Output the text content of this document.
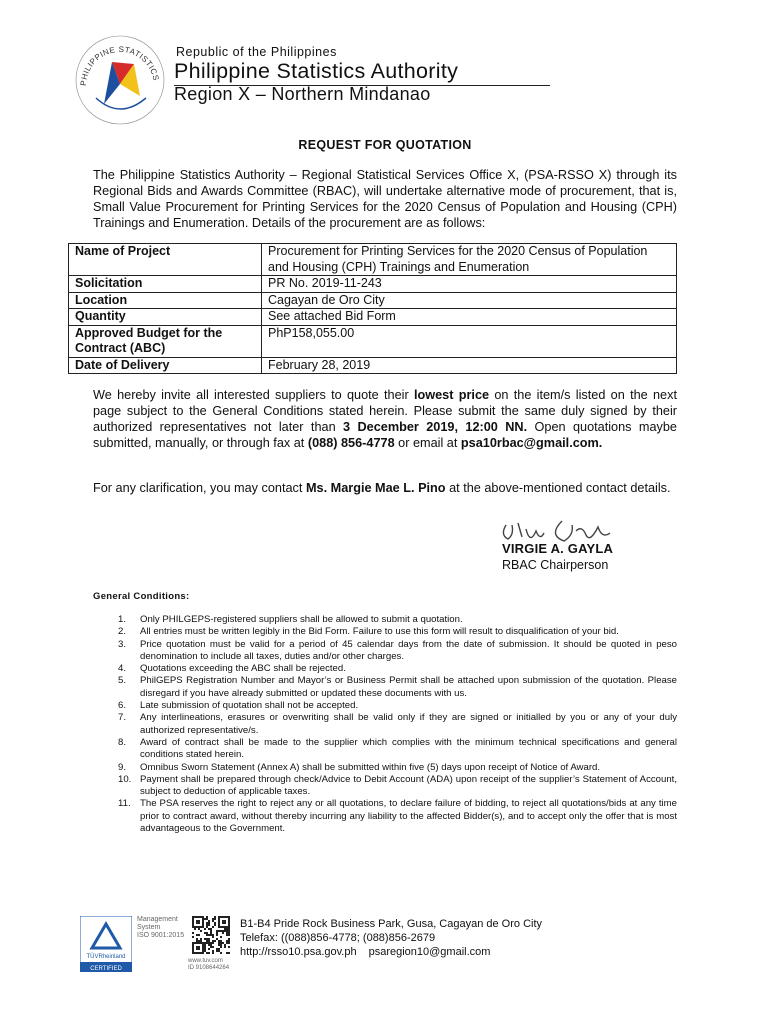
PHILIPPINE STATISTICS
Republic of the Philippines
Philippine Statistics Authority
Region X – Northern Mindanao
REQUEST FOR QUOTATION
The Philippine Statistics Authority – Regional Statistical Services Office X, (PSA-RSSO X) through its Regional Bids and Awards Committee (RBAC), will undertake alternative mode of procurement, that is, Small Value Procurement for Printing Services for the 2020 Census of Population and Housing (CPH) Trainings and Enumeration. Details of the procurement are as follows:
Name of Project	Procurement for Printing Services for the 2020 Census of Population and Housing (CPH) Trainings and Enumeration
Solicitation	PR No. 2019-11-243
Location	Cagayan de Oro City
Quantity	See attached Bid Form
Approved Budget for the Contract (ABC)	PhP158,055.00
Date of Delivery	February 28, 2019
We hereby invite all interested suppliers to quote their lowest price on the item/s listed on the next page subject to the General Conditions stated herein. Please submit the same duly signed by their authorized representatives not later than 3 December 2019, 12:00 NN. Open quotations maybe submitted, manually, or through fax at (088) 856-4778 or email at psa10rbac@gmail.com.
For any clarification, you may contact Ms. Margie Mae L. Pino at the above-mentioned contact details.
VIRGIE A. GAYLA
RBAC Chairperson
General Conditions:
1.	Only PHILGEPS-registered suppliers shall be allowed to submit a quotation.
2.	All entries must be written legibly in the Bid Form. Failure to use this form will result to disqualification of your bid.
3.	Price quotation must be valid for a period of 45 calendar days from the date of submission. It should be quoted in peso denomination to include all taxes, duties and/or other charges.
4.	Quotations exceeding the ABC shall be rejected.
5.	PhilGEPS Registration Number and Mayor’s or Business Permit shall be attached upon submission of the quotation. Please disregard if you have already submitted or updated these documents with us.
6.	Late submission of quotation shall not be accepted.
7.	Any interlineations, erasures or overwriting shall be valid only if they are signed or initialled by you or any of your duly authorized representative/s.
8.	Award of contract shall be made to the supplier which complies with the minimum technical specifications and general conditions stated herein.
9.	Omnibus Sworn Statement (Annex A) shall be submitted within five (5) days upon receipt of Notice of Award.
10. Payment shall be prepared through check/Advice to Debit Account (ADA) upon receipt of the supplier’s Statement of Account, subject to deduction of applicable taxes.
11. The PSA reserves the right to reject any or all quotations, to declare failure of bidding, to reject all quotations/bids at any time prior to contract award, without thereby incurring any liability to the affected Bidder(s), and to accept only the offer that is most advantageous to the Government.
TÜVRheinland
CERTIFIED
Management
System
ISO 9001:2015
www.tuv.com
ID 9108644264
B1-B4 Pride Rock Business Park, Gusa, Cagayan de Oro City
Telefax: ((088)856-4778; (088)856-2679
http://rsso10.psa.gov.ph psaregion10@gmail.com
